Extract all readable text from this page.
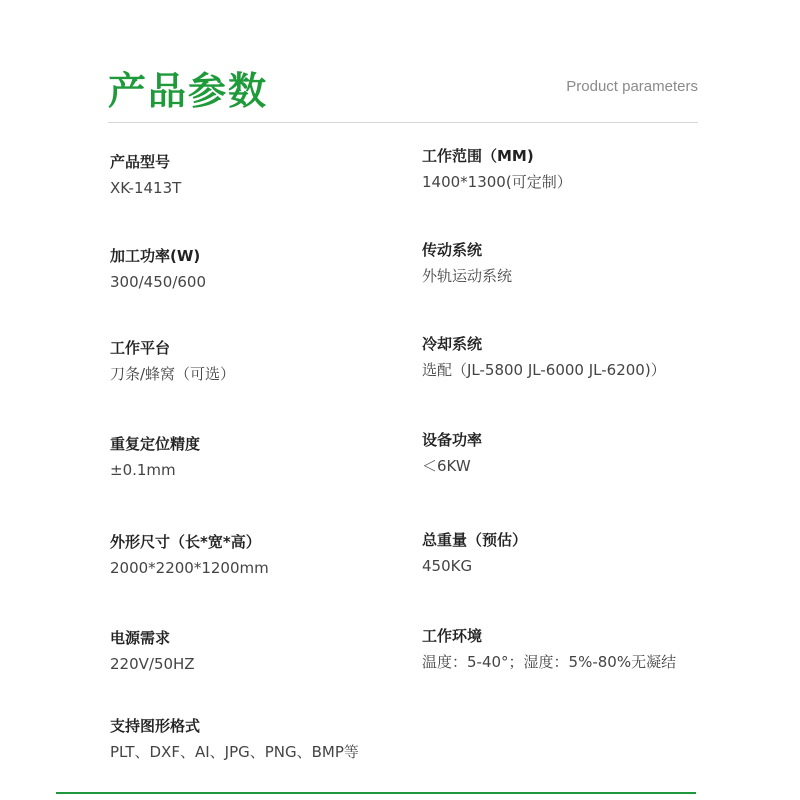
产品参数	Product parameters
产品型号
XK-1413T
加工功率(W)
300/450/600
工作平台
刀条/蜂窝（可选）
重复定位精度
±0.1mm
外形尺寸（长*宽*高）
2000*2200*1200mm
电源需求
220V/50HZ
支持图形格式
PLT、DXF、AI、JPG、PNG、BMP等
工作范围（MM)
1400*1300(可定制）
传动系统
外轨运动系统
冷却系统
选配（JL-5800 JL-6000 JL-6200)）
设备功率
＜6KW
总重量（预估）
450KG
工作环境
温度：5-40°；湿度：5%-80%无凝结
